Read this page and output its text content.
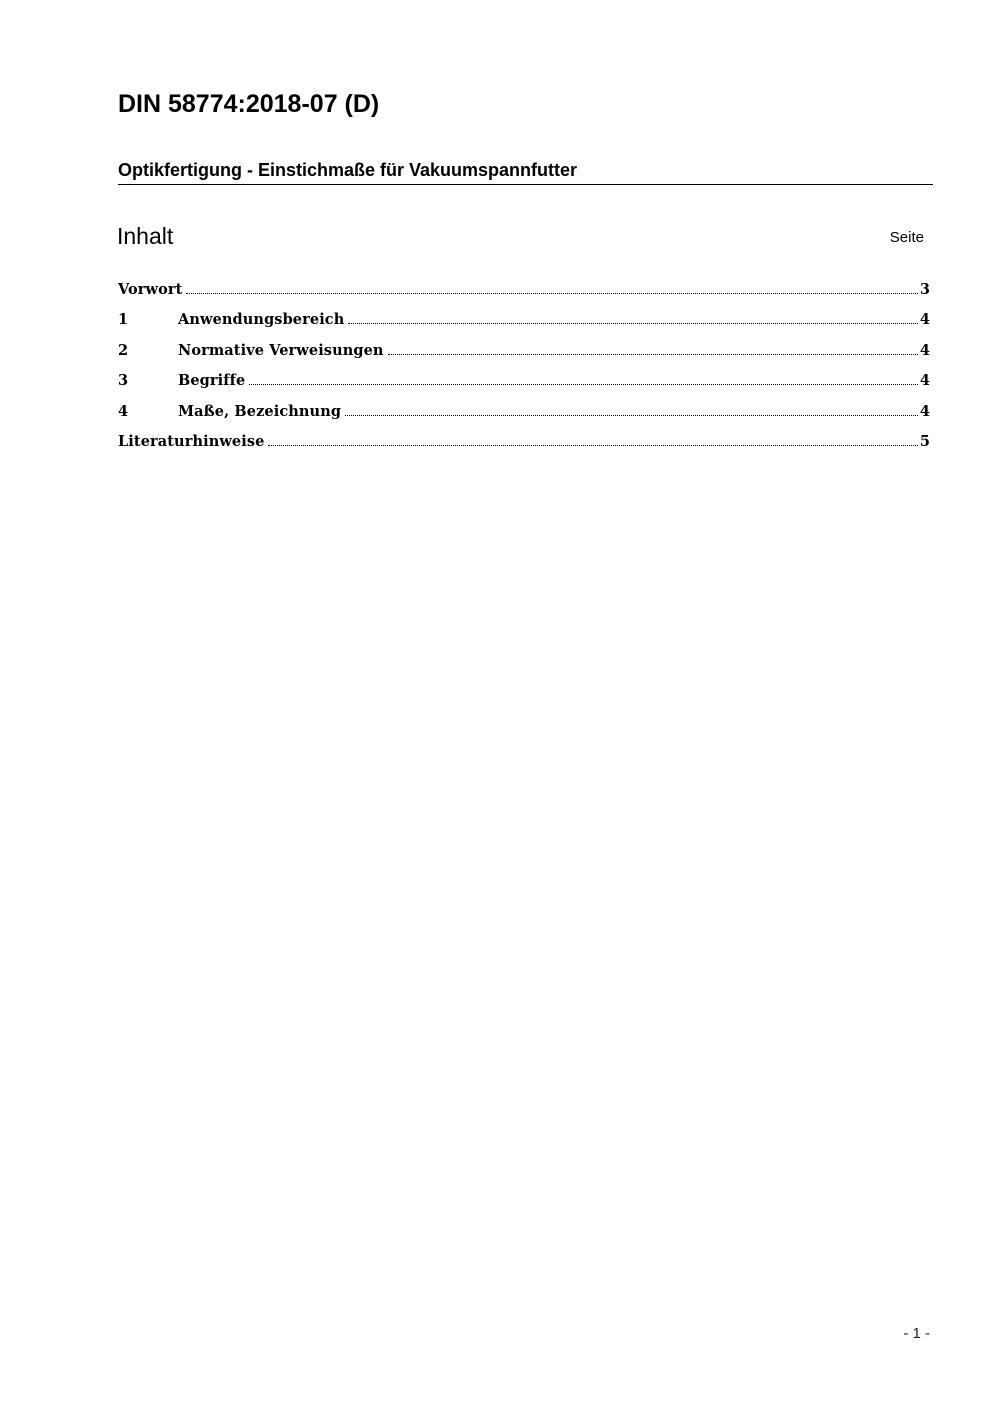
DIN 58774:2018-07 (D)
Optikfertigung - Einstichmaße für Vakuumspannfutter
Inhalt	Seite
Vorwort	3
1	Anwendungsbereich	4
2	Normative Verweisungen	4
3	Begriffe	4
4	Maße, Bezeichnung	4
Literaturhinweise	5
- 1 -
